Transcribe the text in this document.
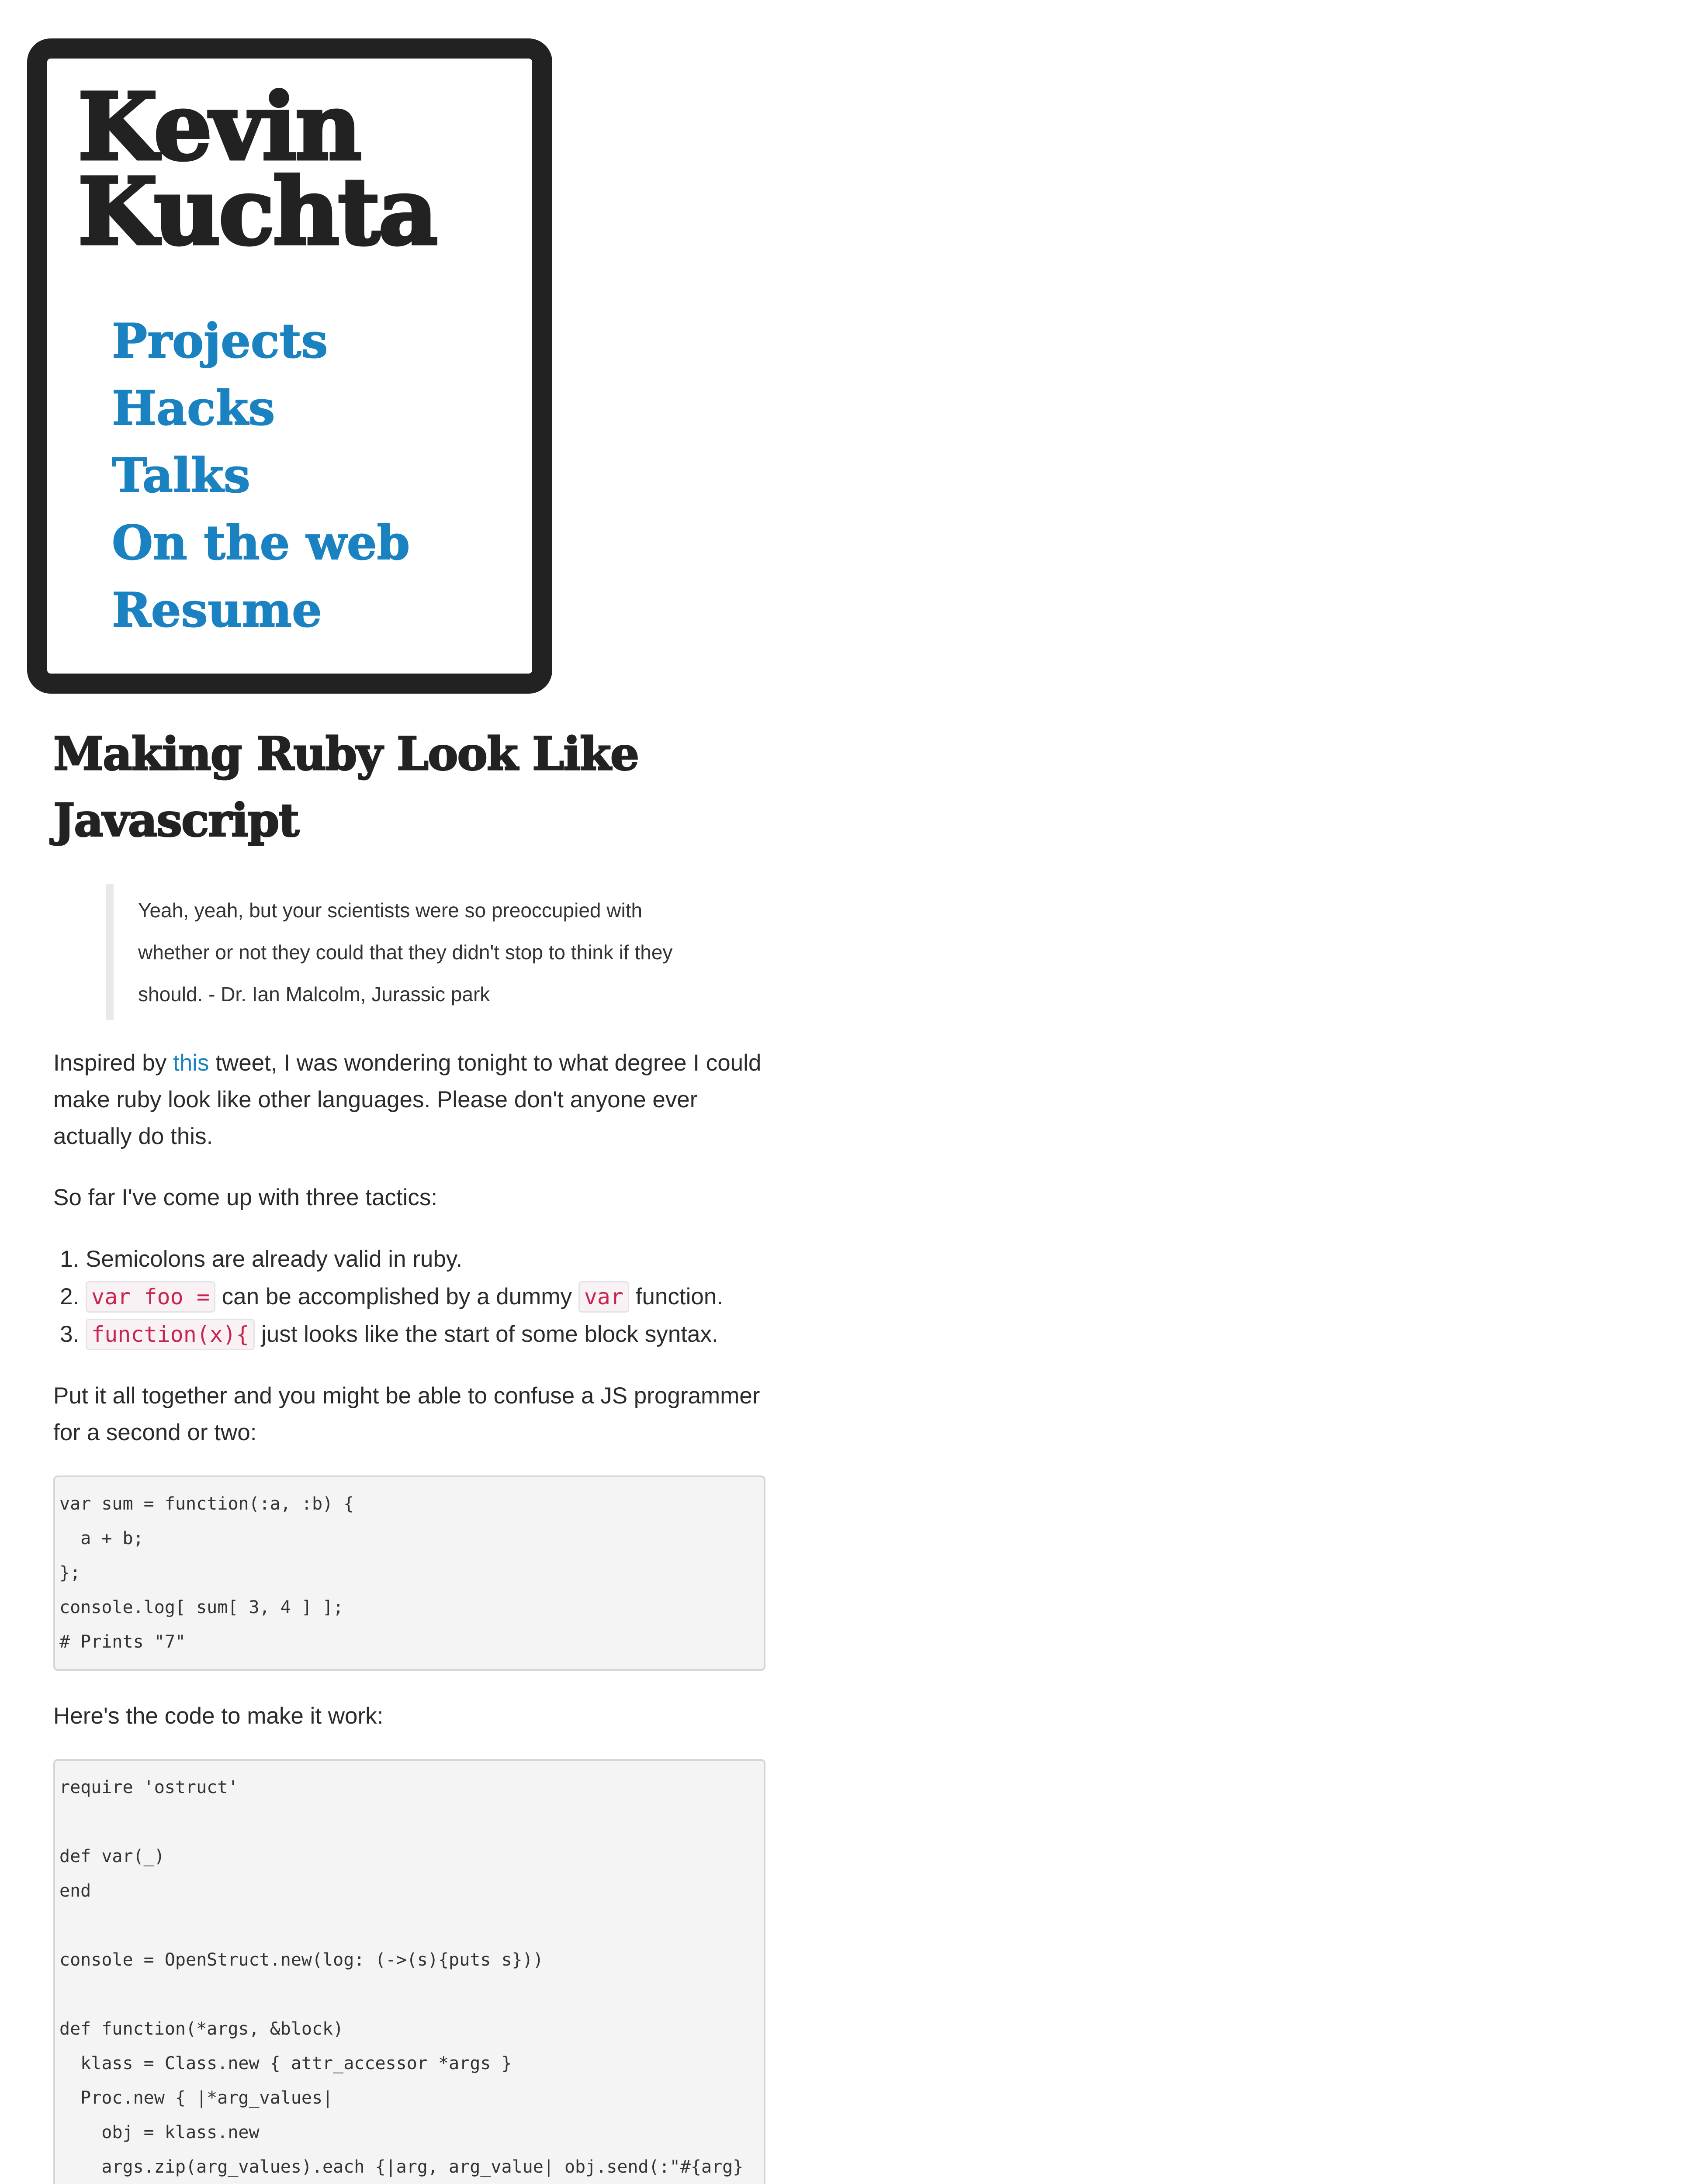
Kevin
Kuchta
Projects
Hacks
Talks
On the web
Resume
Making Ruby Look Like Javascript
Yeah, yeah, but your scientists were so preoccupied with whether or not they could that they didn't stop to think if they should. - Dr. Ian Malcolm, Jurassic park

Inspired by this tweet, I was wondering tonight to what degree I could make ruby look like other languages. Please don't anyone ever actually do this.

So far I've come up with three tactics:

1. Semicolons are already valid in ruby.
2. var foo = can be accomplished by a dummy var function.
3. function(x){ just looks like the start of some block syntax.

Put it all together and you might be able to confuse a JS programmer for a second or two:

var sum = function(:a, :b) {
a + b;
};
console.log[ sum[ 3, 4 ] ];
# Prints "7"

Here's the code to make it work:

require 'ostruct'
def var(_)
end
console = OpenStruct.new(log: (->(s){puts s}))
def function(*args, &block)
klass = Class.new { attr_accessor *args }
Proc.new { |*arg_values|
obj = klass.new
args.zip(arg_values).each {|arg, arg_value| obj.send(:"#{arg}
